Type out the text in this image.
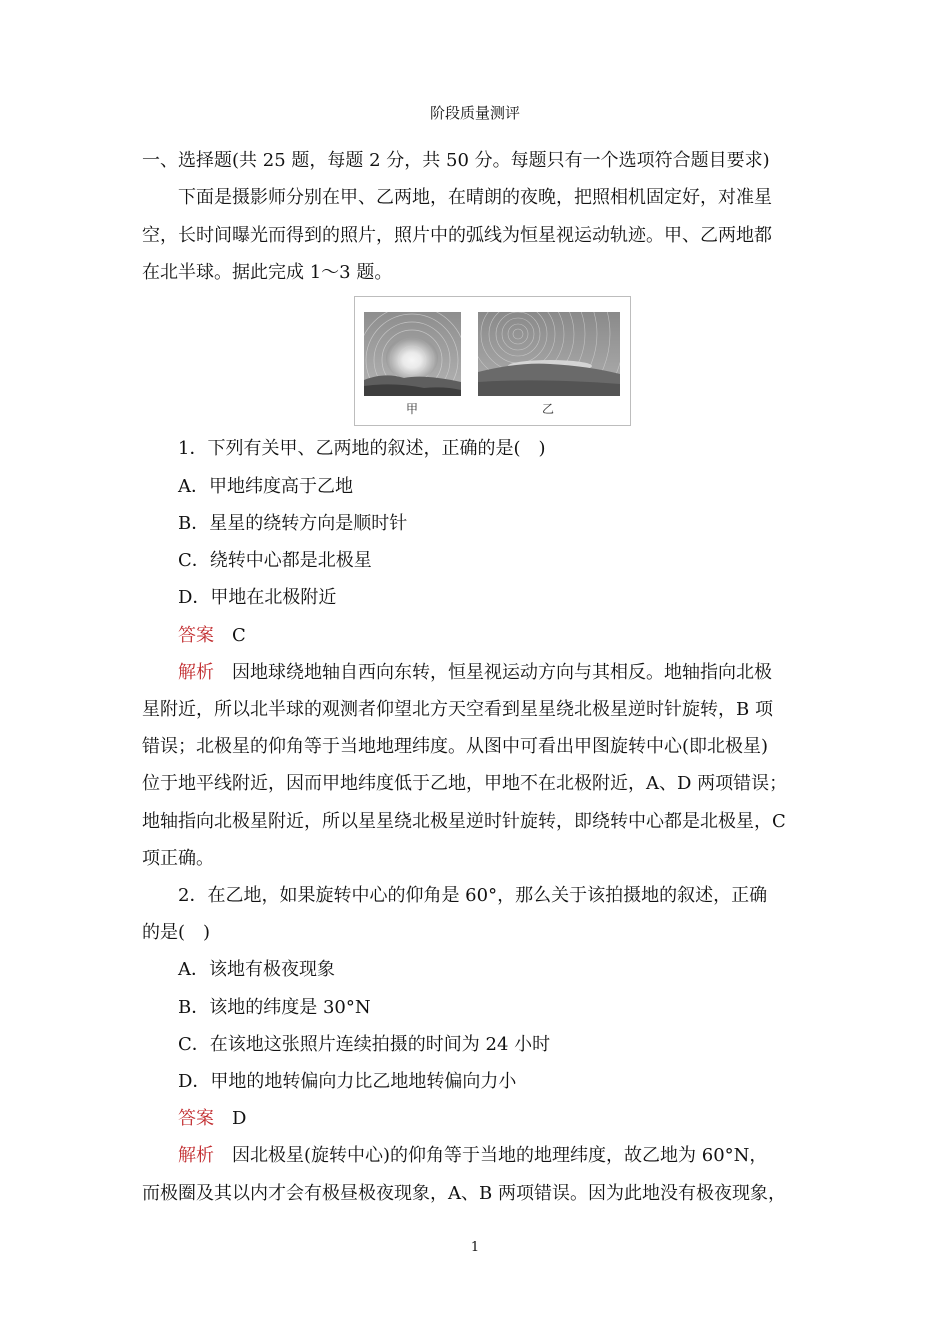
阶段质量测评
一、选择题(共 25 题，每题 2 分，共 50 分。每题只有一个选项符合题目要求)
下面是摄影师分别在甲、乙两地，在晴朗的夜晚，把照相机固定好，对准星
空，长时间曝光而得到的照片，照片中的弧线为恒星视运动轨迹。甲、乙两地都
在北半球。据此完成 1～3 题。
甲	乙
1．下列有关甲、乙两地的叙述，正确的是(　)
A．甲地纬度高于乙地
B．星星的绕转方向是顺时针
C．绕转中心都是北极星
D．甲地在北极附近
答案 C
解析 因地球绕地轴自西向东转，恒星视运动方向与其相反。地轴指向北极
星附近，所以北半球的观测者仰望北方天空看到星星绕北极星逆时针旋转，B 项
错误；北极星的仰角等于当地地理纬度。从图中可看出甲图旋转中心(即北极星)
位于地平线附近，因而甲地纬度低于乙地，甲地不在北极附近，A、D 两项错误；
地轴指向北极星附近，所以星星绕北极星逆时针旋转，即绕转中心都是北极星，C
项正确。
2．在乙地，如果旋转中心的仰角是 60°，那么关于该拍摄地的叙述，正确
的是(　)
A．该地有极夜现象
B．该地的纬度是 30°N
C．在该地这张照片连续拍摄的时间为 24 小时
D．甲地的地转偏向力比乙地地转偏向力小
答案 D
解析 因北极星(旋转中心)的仰角等于当地的地理纬度，故乙地为 60°N，
而极圈及其以内才会有极昼极夜现象，A、B 两项错误。因为此地没有极夜现象，
1
